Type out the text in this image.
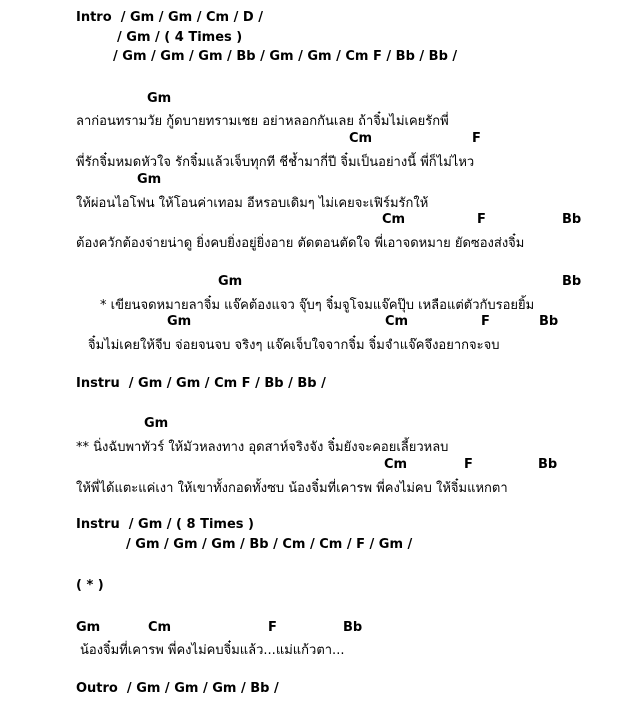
Intro  / Gm / Gm / Cm / D /
/ Gm / ( 4 Times )
/ Gm / Gm / Gm / Bb / Gm / Gm / Cm F / Bb / Bb /
Gm
ลาก่อนทรามวัย กู้ดบายทรามเชย อย่าหลอกกันเลย ถ้าจิ๋มไม่เคยรักพี่
Cm	F
พี่รักจิ๋มหมดหัวใจ รักจิ๋มแล้วเจ็บทุกที ชีช้ำมากี่ปี จิ๋มเป็นอย่างนี้ พี่ก็ไม่ไหว
Gm
ให้ผ่อนไอโฟน ให้โอนค่าเทอม อีหรอบเดิมๆ ไม่เคยจะเฟิร์มรักให้
Cm	F	Bb
ต้องควักต้องจ่ายน่าดู ยิ่งคบยิ่งอยู่ยิ่งอาย ตัดตอนตัดใจ พี่เอาจดหมาย ยัดซองส่งจิ๋ม
Gm	Bb
* เขียนจดหมายลาจิ๋ม แจ๊คต้องแจว จุ๊บๆ จิ๋มจูโจมแจ๊คปุ๊บ เหลือแต่ตัวกับรอยยิ้ม
Gm	Cm	F	Bb
จิ๋มไม่เคยให้จีบ จ่อยจนจบ จริงๆ แจ๊คเจ็บใจจากจิ๋ม จิ๋มจำแจ๊คจึงอยากจะจบ
Instru  / Gm / Gm / Cm F / Bb / Bb /
Gm
** นิ่งฉับพาทัวร์ ให้มัวหลงทาง อุดสาห์จริงจัง จิ๋มยังจะคอยเลี้ยวหลบ
Cm	F	Bb
ให้พี่ได้แตะแค่เงา ให้เขาทั้งกอดทั้งซบ น้องจิ๋มที่เคารพ พี่คงไม่คบ ให้จิ๋มแหกตา
Instru  / Gm / ( 8 Times )
/ Gm / Gm / Gm / Bb / Cm / Cm / F / Gm /
( * )
Gm	Cm	F	Bb
น้องจิ๋มที่เคารพ พี่คงไม่คบจิ๋มแล้ว...แม่แก้วตา...
Outro  / Gm / Gm / Gm / Bb /
